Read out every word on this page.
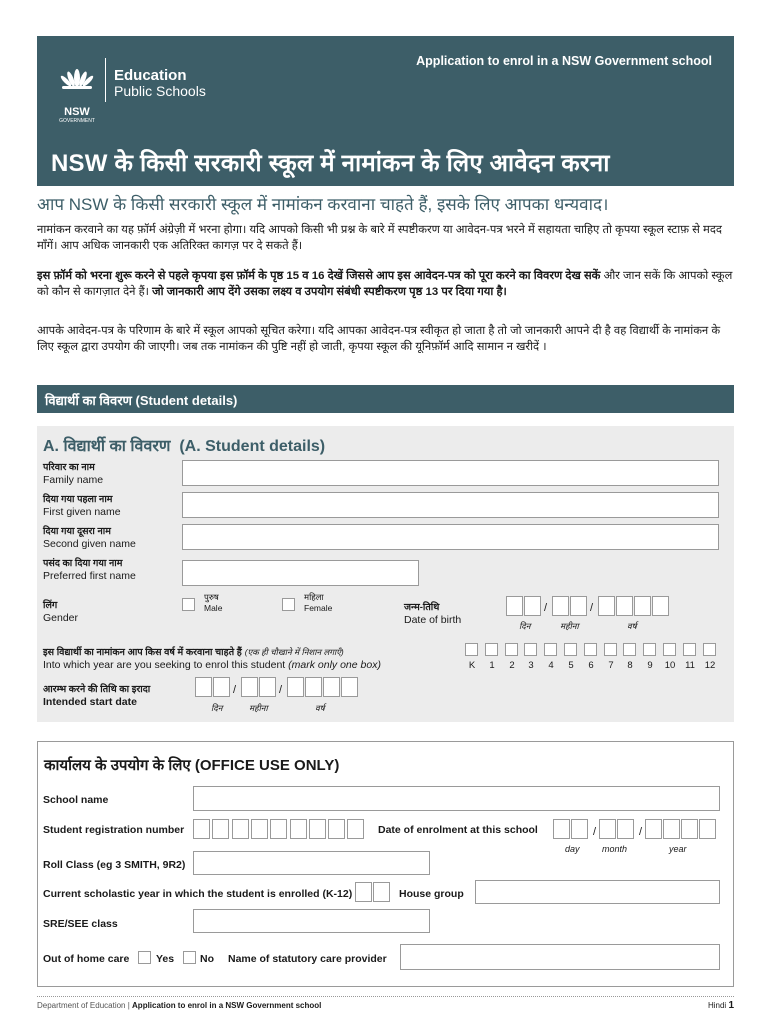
NSW
GOVERNMENT
Education
Public Schools
Application to enrol in a NSW Government school
NSW के किसी सरकारी स्कूल में नामांकन के लिए आवेदन करना
आप NSW के किसी सरकारी स्कूल में नामांकन करवाना चाहते हैं, इसके लिए आपका धन्यवाद।
नामांकन करवाने का यह फ़ॉर्म अंग्रेज़ी में भरना होगा। यदि आपको किसी भी प्रश्न के बारे में स्पष्टीकरण या आवेदन-पत्र भरने में सहायता चाहिए तो कृपया स्कूल स्टाफ़ से मदद माँगें। आप अधिक जानकारी एक अतिरिक्त कागज़ पर दे सकते हैं।
इस फ़ॉर्म को भरना शुरू करने से पहले कृपया इस फ़ॉर्म के पृष्ठ 15 व 16 देखें जिससे आप इस आवेदन-पत्र को पूरा करने का विवरण देख सकें और जान सकें कि आपको स्कूल को कौन से कागज़ात देने हैं। जो जानकारी आप देंगे उसका लक्ष्य व उपयोग संबंधी स्पष्टीकरण पृष्ठ 13 पर दिया गया है।
आपके आवेदन-पत्र के परिणाम के बारे में स्कूल आपको सूचित करेगा। यदि आपका आवेदन-पत्र स्वीकृत हो जाता है तो जो जानकारी आपने दी है वह विद्यार्थी के नामांकन के लिए स्कूल द्वारा उपयोग की जाएगी। जब तक नामांकन की पुष्टि नहीं हो जाती, कृपया स्कूल की यूनिफ़ॉर्म आदि सामान न खरीदें ।
विद्यार्थी का विवरण (Student details)
A. विद्यार्थी का विवरण (A. Student details)
परिवार का नाम
Family name
दिया गया पहला नाम
First given name
दिया गया दूसरा नाम
Second given name
पसंद का दिया गया नाम
Preferred first name
लिंग
Gender
पुरुष
Male
महिला
Female	जन्म-तिथि
Date of birth
/	/
दिन	महीना	वर्ष
इस विद्यार्थी का नामांकन आप किस वर्ष में करवाना चाहते हैं (एक ही चौखाने में निशान लगाएँ)
Into which year are you seeking to enrol this student (mark only one box)	K	1	2	3	4	5	6	7	8	9	10 11 12
आरम्भ करने की तिथि का इरादा
Intended start date
/	/
दिन	महीना	वर्ष
कार्यालय के उपयोग के लिए (OFFICE USE ONLY)
School name
Student registration number	Date of enrolment at this school	/	/
day month	year
Roll Class (eg 3 SMITH, 9R2)
Current scholastic year in which the student is enrolled (K-12)	House group
SRE/SEE class
Out of home care	Yes No Name of statutory care provider
Department of Education | Application to enrol in a NSW Government school	Hindi 1
